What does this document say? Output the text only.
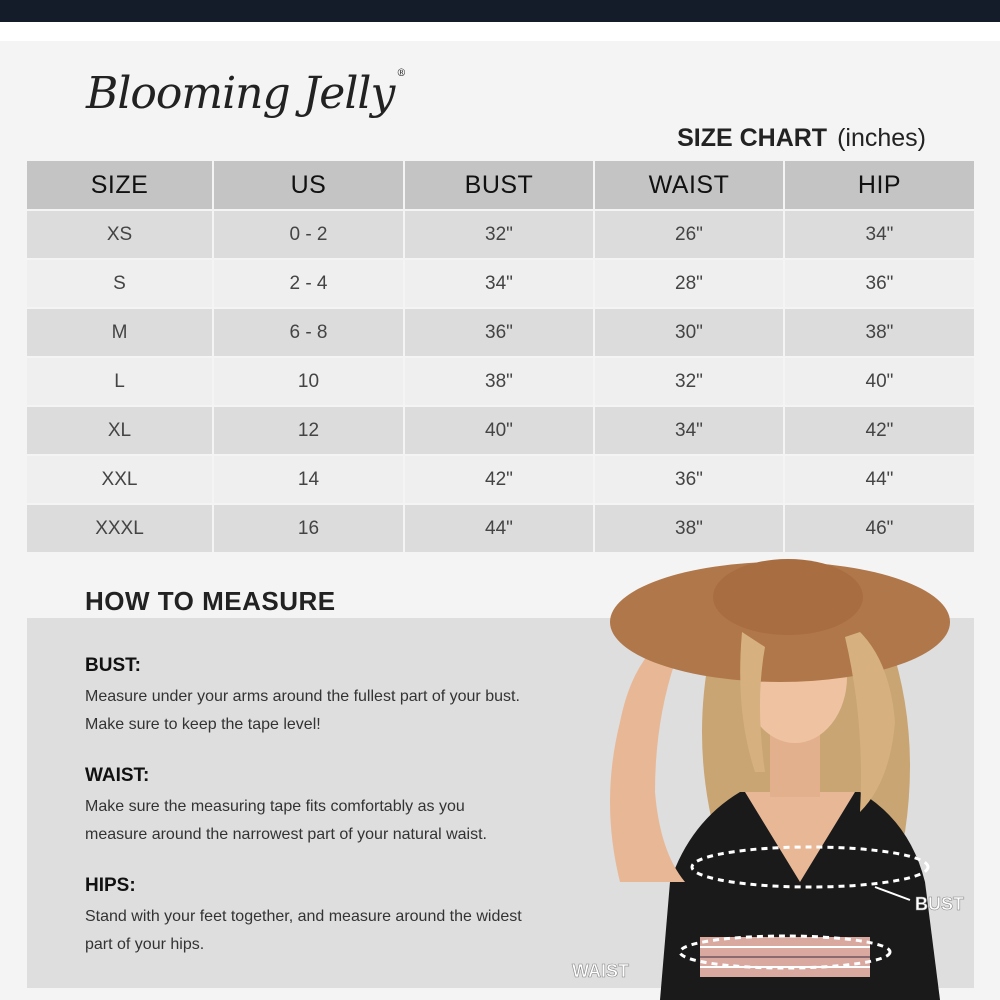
Blooming Jelly ®
SIZE CHART (inches)
SIZE	US	BUST	WAIST	HIP
XS	0 - 2	32"	26"	34"
S	2 - 4	34"	28"	36"
M	6 - 8	36"	30"	38"
L	10	38"	32"	40"
XL	12	40"	34"	42"
XXL	14	42"	36"	44"
XXXL	16	44"	38"	46"
HOW TO MEASURE
BUST:
Measure under your arms around the fullest part of your bust.
Make sure to keep the tape level!
WAIST:
Make sure the measuring tape fits comfortably as you
measure around the narrowest part of your natural waist.
HIPS:
Stand with your feet together, and measure around the widest
part of your hips.
BUST
WAIST
